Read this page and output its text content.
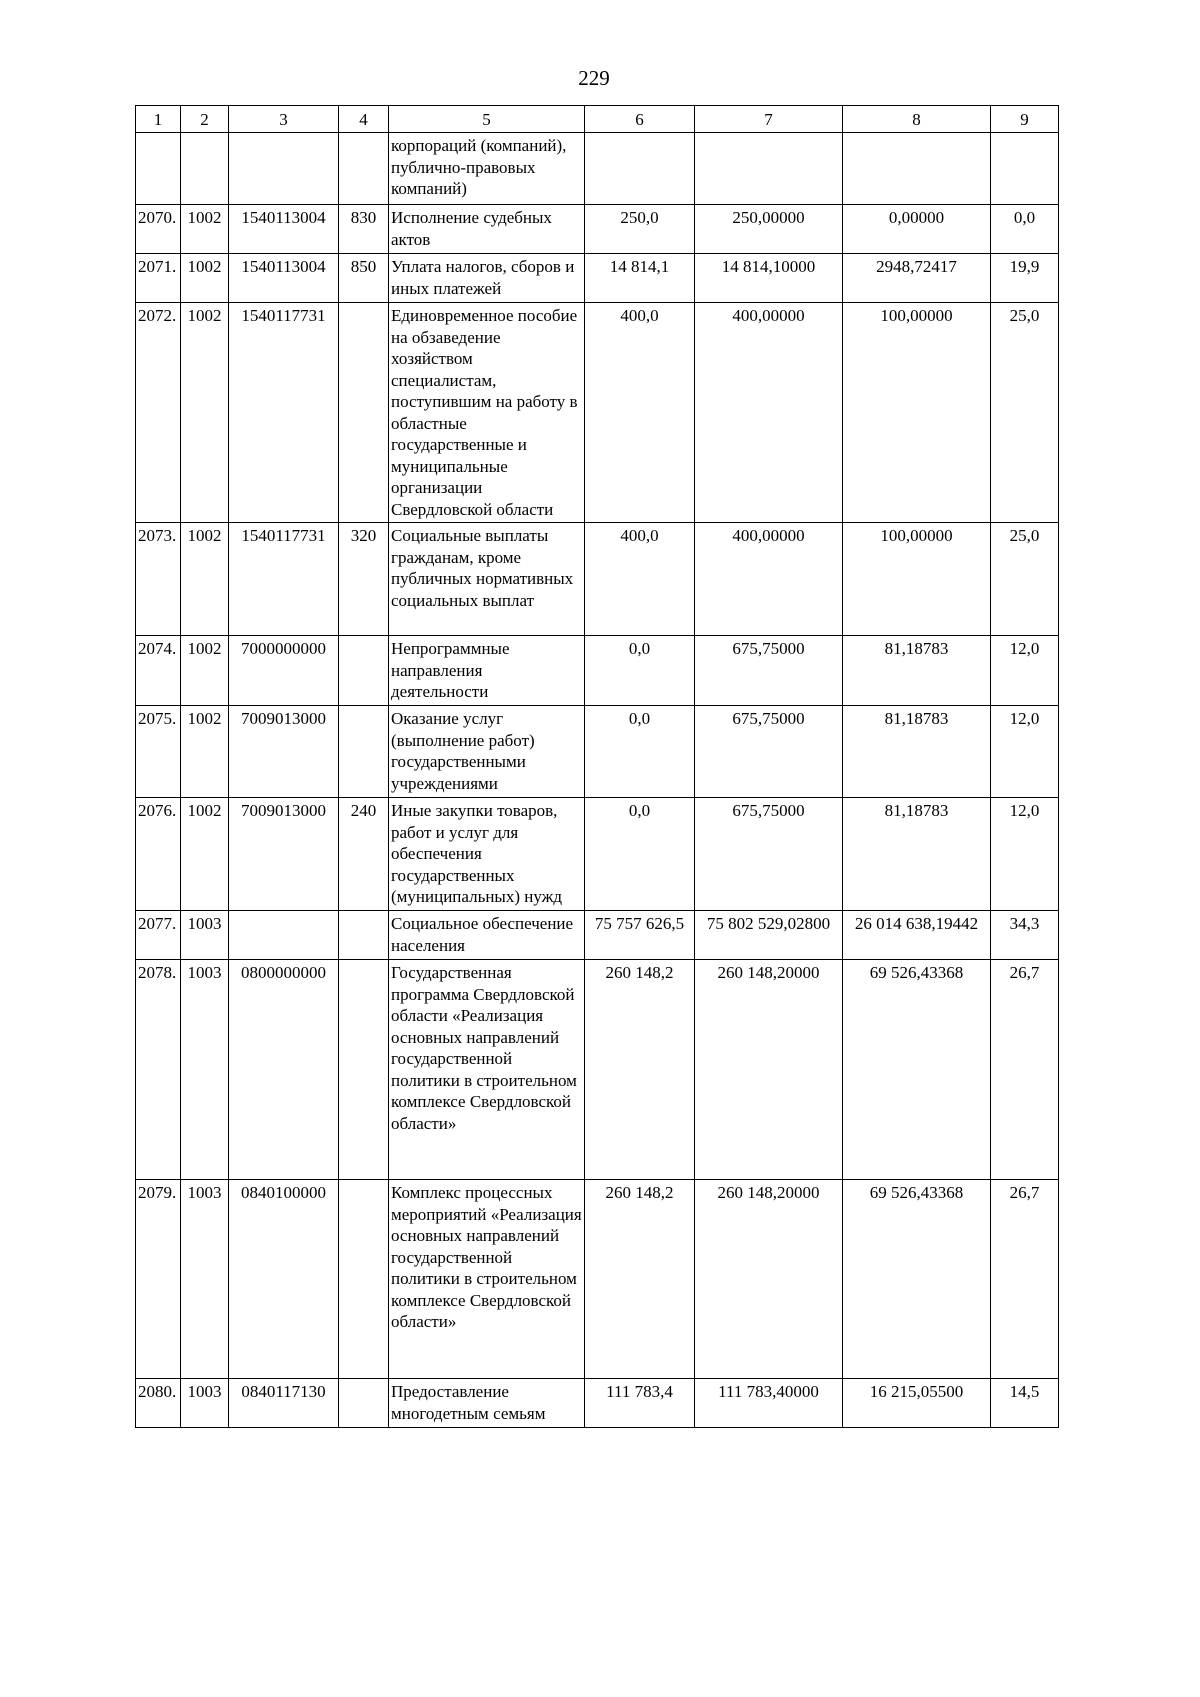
229
1	2	3	4	5	6	7	8	9
				корпораций (компаний), публично-правовых компаний)				
2070.	1002	1540113004	830	Исполнение судебных актов	250,0	250,00000	0,00000	0,0
2071.	1002	1540113004	850	Уплата налогов, сборов и иных платежей	14 814,1	14 814,10000	2948,72417	19,9
2072.	1002	1540117731		Единовременное пособие на обзаведение хозяйством специалистам, поступившим на работу в областные государственные и муниципальные организации Свердловской области	400,0	400,00000	100,00000	25,0
2073.	1002	1540117731	320	Социальные выплаты гражданам, кроме публичных нормативных социальных выплат	400,0	400,00000	100,00000	25,0
2074.	1002	7000000000		Непрограммные направления деятельности	0,0	675,75000	81,18783	12,0
2075.	1002	7009013000		Оказание услуг (выполнение работ) государственными учреждениями	0,0	675,75000	81,18783	12,0
2076.	1002	7009013000	240	Иные закупки товаров, работ и услуг для обеспечения государственных (муниципальных) нужд	0,0	675,75000	81,18783	12,0
2077.	1003			Социальное обеспечение населения	75 757 626,5	75 802 529,02800	26 014 638,19442	34,3
2078.	1003	0800000000		Государственная программа Свердловской области «Реализация основных направлений государственной политики в строительном комплексе Свердловской области»	260 148,2	260 148,20000	69 526,43368	26,7
2079.	1003	0840100000		Комплекс процессных мероприятий «Реализация основных направлений государственной политики в строительном комплексе Свердловской области»	260 148,2	260 148,20000	69 526,43368	26,7
2080.	1003	0840117130		Предоставление многодетным семьям	111 783,4	111 783,40000	16 215,05500	14,5
